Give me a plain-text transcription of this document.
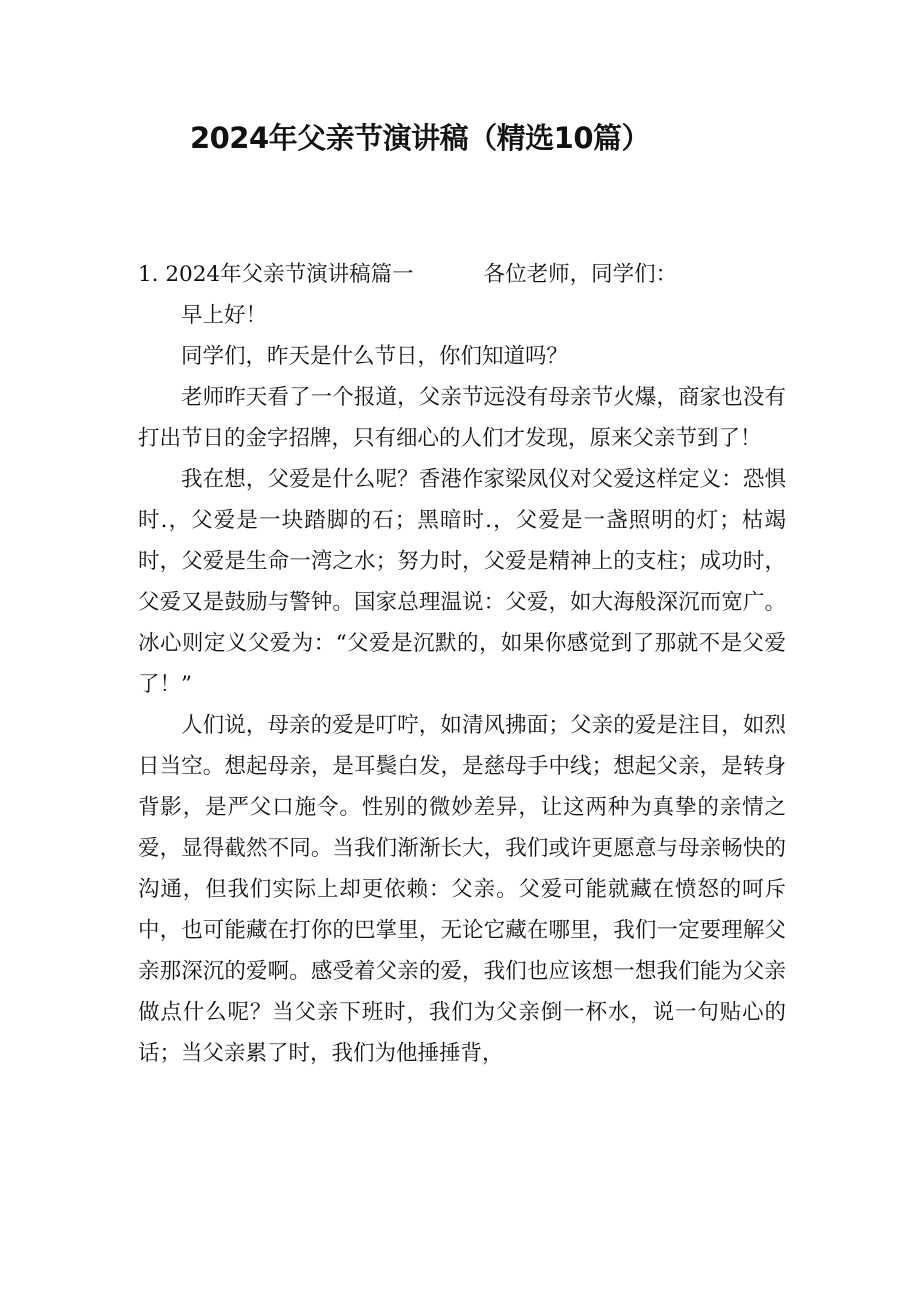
2024年父亲节演讲稿（精选10篇）

1. 2024年父亲节演讲稿篇一	各位老师，同学们：

早上好！

同学们，昨天是什么节日，你们知道吗？

老师昨天看了一个报道，父亲节远没有母亲节火爆，商家也没有打出节日的金字招牌，只有细心的人们才发现，原来父亲节到了！

我在想，父爱是什么呢？香港作家梁凤仪对父爱这样定义：恐惧时.，父爱是一块踏脚的石；黑暗时.，父爱是一盏照明的灯；枯竭时，父爱是生命一湾之水；努力时，父爱是精神上的支柱；成功时，父爱又是鼓励与警钟。国家总理温说：父爱，如大海般深沉而宽广。冰心则定义父爱为：“父爱是沉默的，如果你感觉到了那就不是父爱了！”

人们说，母亲的爱是叮咛，如清风拂面；父亲的爱是注目，如烈日当空。想起母亲，是耳鬓白发，是慈母手中线；想起父亲，是转身背影，是严父口施令。性别的微妙差异，让这两种为真挚的亲情之爱，显得截然不同。当我们渐渐长大，我们或许更愿意与母亲畅快的沟通，但我们实际上却更依赖：父亲。父爱可能就藏在愤怒的呵斥中，也可能藏在打你的巴掌里，无论它藏在哪里，我们一定要理解父亲那深沉的爱啊。感受着父亲的爱，我们也应该想一想我们能为父亲做点什么呢？当父亲下班时，我们为父亲倒一杯水，说一句贴心的话；当父亲累了时，我们为他捶捶背，
